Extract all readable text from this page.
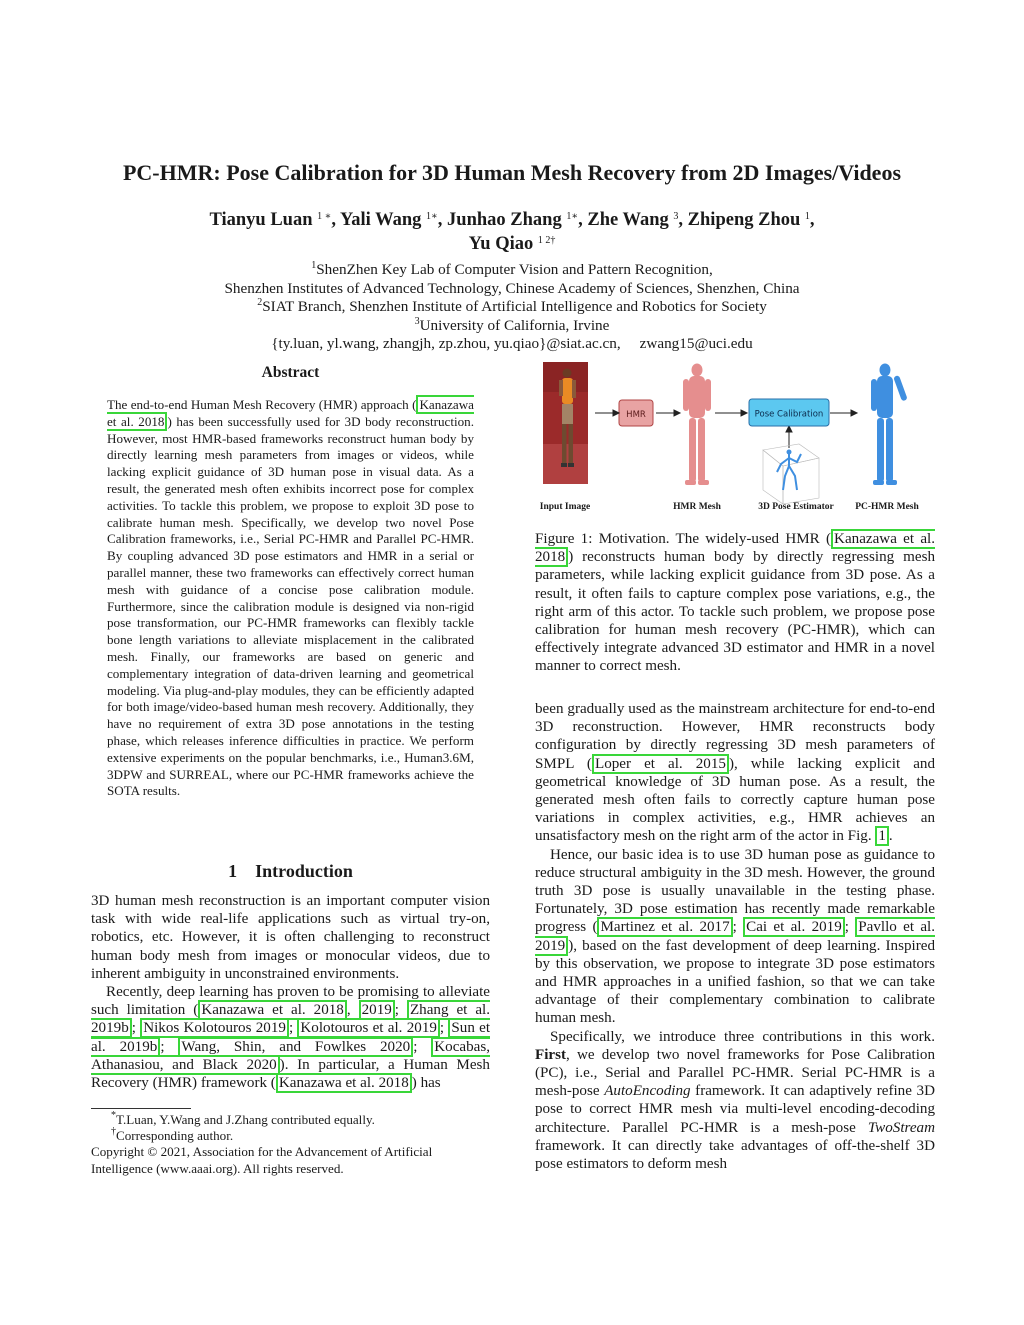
PC-HMR: Pose Calibration for 3D Human Mesh Recovery from 2D Images/Videos
Tianyu Luan $^{1 ∗}$, Yali Wang $^{1∗}$, Junhao Zhang $^{1∗}$, Zhe Wang $^3$, Zhipeng Zhou $^1$,
Yu Qiao $^{1 2\dagger}$
$^1$ShenZhen Key Lab of Computer Vision and Pattern Recognition,
Shenzhen Institutes of Advanced Technology, Chinese Academy of Sciences, Shenzhen, China
$^2$SIAT Branch, Shenzhen Institute of Artificial Intelligence and Robotics for Society
$^3$University of California, Irvine
{ty.luan, yl.wang, zhangjh, zp.zhou, yu.qiao}@siat.ac.cn,     zwang15@uci.edu
Abstract

The end-to-end Human Mesh Recovery (HMR) approach ( Kanazawa et al. 2018 ) has been successfully used for 3D body reconstruction. However, most HMR-based frameworks reconstruct human body by directly learning mesh parameters from images or videos, while lacking explicit guidance of 3D human pose in visual data. As a result, the generated mesh often exhibits incorrect pose for complex activities. To tackle this problem, we propose to exploit 3D pose to calibrate human mesh. Specifically, we develop two novel Pose Calibration frameworks, i.e., Serial PC-HMR and Parallel PC-HMR. By coupling advanced 3D pose estimators and HMR in a serial or parallel manner, these two frameworks can effectively correct human mesh with guidance of a concise pose calibration module. Furthermore, since the calibration module is designed via non-rigid pose transformation, our PC-HMR frameworks can flexibly tackle bone length variations to alleviate misplacement in the calibrated mesh. Finally, our frameworks are based on generic and complementary integration of data-driven learning and geometrical modeling. Via plug-and-play modules, they can be efficiently adapted for both image/video-based human mesh recovery. Additionally, they have no requirement of extra 3D pose annotations in the testing phase, which releases inference difficulties in practice. We perform extensive experiments on the popular benchmarks, i.e., Human3.6M, 3DPW and SURREAL, where our PC-HMR frameworks achieve the SOTA results.

1 Introduction

3D human mesh reconstruction is an important computer vision task with wide real-life applications such as virtual try-on, robotics, etc. However, it is often challenging to reconstruct human body mesh from images or monocular videos, due to inherent ambiguity in unconstrained environments.

Recently, deep learning has proven to be promising to alleviate such limitation ( Kanazawa et al. 2018 , 2019 ; Zhang et al. 2019b ; Nikos Kolotouros 2019 ; Kolotouros et al. 2019 ; Sun et al. 2019b ; Wang, Shin, and Fowlkes 2020 ; Kocabas, Athanasiou, and Black 2020 ). In particular, a Human Mesh Recovery (HMR) framework ( Kanazawa et al. 2018 ) has

*T.Luan, Y.Wang and J.Zhang contributed equally.
†Corresponding author.
Copyright © 2021, Association for the Advancement of Artificial Intelligence (www.aaai.org). All rights reserved.
HMR	Pose Calibration
Input Image	HMR Mesh	3D Pose Estimator	PC-HMR Mesh

Figure 1: Motivation. The widely-used HMR ( Kanazawa et al. 2018 ) reconstructs human body by directly regressing mesh parameters, while lacking explicit guidance from 3D pose. As a result, it often fails to capture complex pose variations, e.g., the right arm of this actor. To tackle such problem, we propose pose calibration for human mesh recovery (PC-HMR), which can effectively integrate advanced 3D estimator and HMR in a novel manner to correct mesh.

been gradually used as the mainstream architecture for end-to-end 3D reconstruction. However, HMR reconstructs body configuration by directly regressing 3D mesh parameters of SMPL ( Loper et al. 2015 ), while lacking explicit and geometrical knowledge of 3D human pose. As a result, the generated mesh often fails to correctly capture human pose variations in complex activities, e.g., HMR achieves an unsatisfactory mesh on the right arm of the actor in Fig. 1 .

Hence, our basic idea is to use 3D human pose as guidance to reduce structural ambiguity in the 3D mesh. However, the ground truth 3D pose is usually unavailable in the testing phase. Fortunately, 3D pose estimation has recently made remarkable progress ( Martinez et al. 2017 ; Cai et al. 2019 ; Pavllo et al. 2019 ), based on the fast development of deep learning. Inspired by this observation, we propose to integrate 3D pose estimators and HMR approaches in a unified fashion, so that we can take advantage of their complementary combination to calibrate human mesh.

Specifically, we introduce three contributions in this work. First, we develop two novel frameworks for Pose Calibration (PC), i.e., Serial and Parallel PC-HMR. Serial PC-HMR is a mesh-pose AutoEncoding framework. It can adaptively refine 3D pose to correct HMR mesh via multi-level encoding-decoding architecture. Parallel PC-HMR is a mesh-pose TwoStream framework. It can directly take advantages of off-the-shelf 3D pose estimators to deform mesh
